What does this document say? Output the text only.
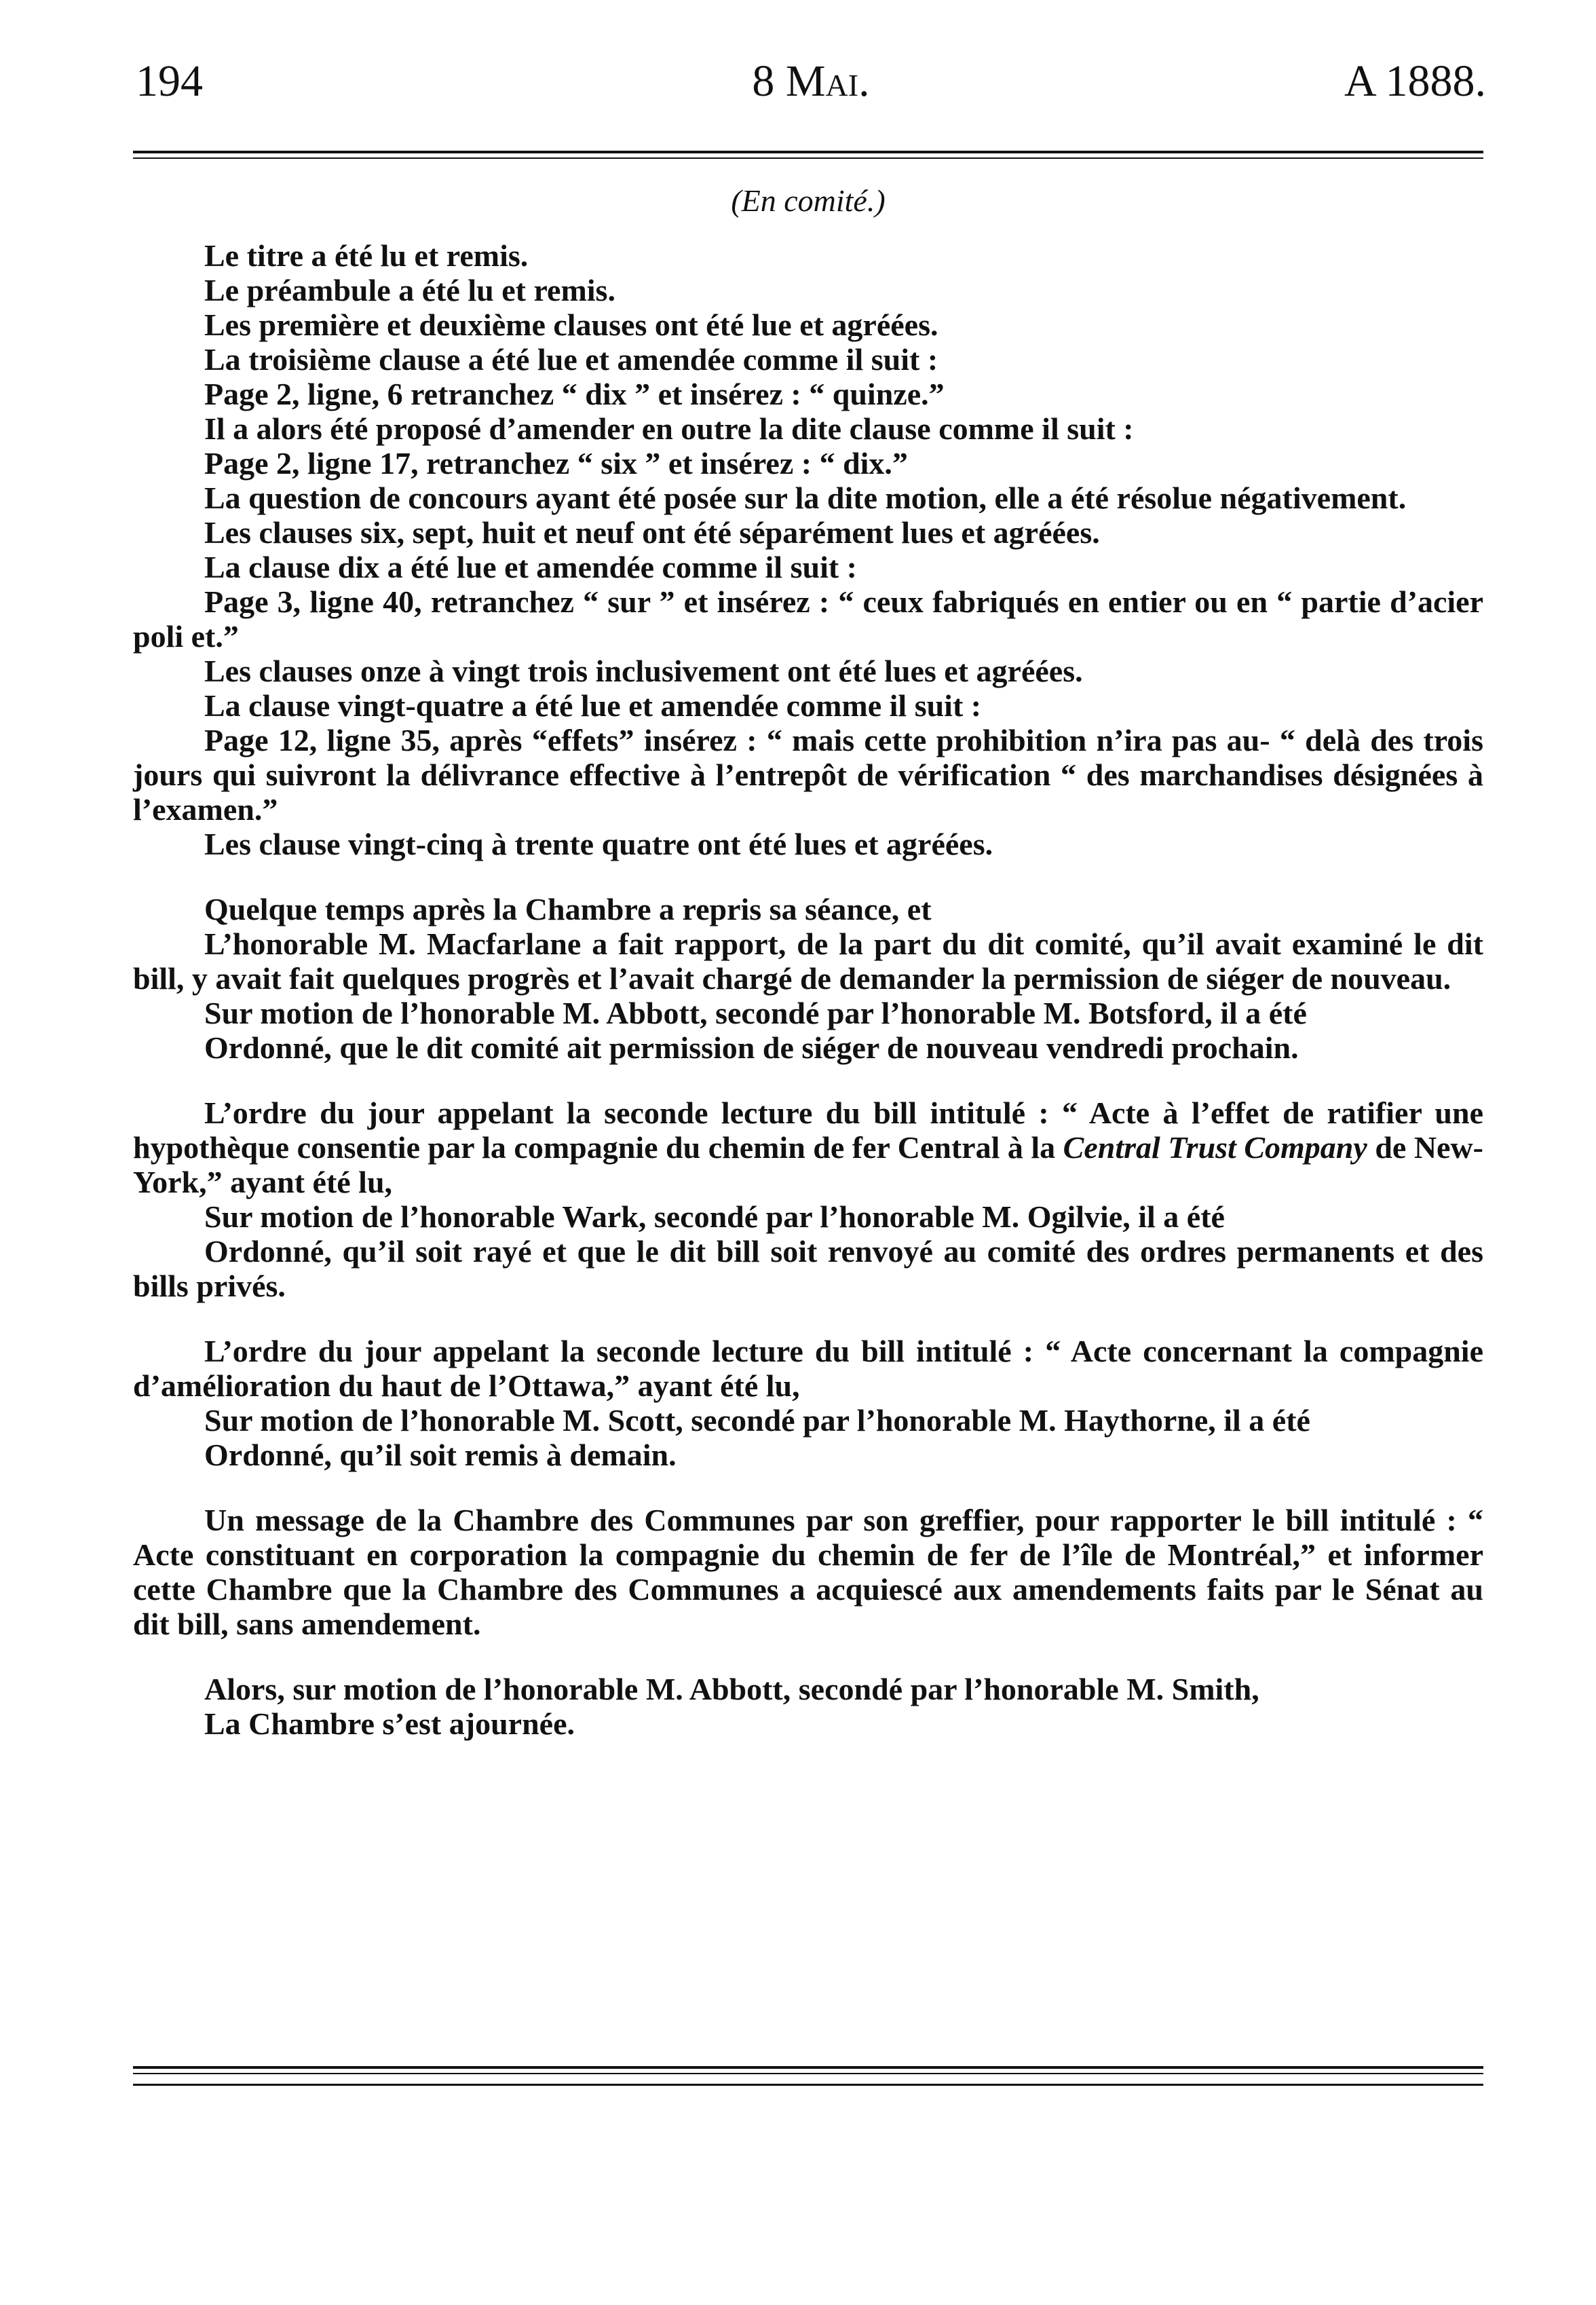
194	8 Mai.	A 1888.

(En comité.)

Le titre a été lu et remis.

Le préambule a été lu et remis.

Les première et deuxième clauses ont été lue et agréées.

La troisième clause a été lue et amendée comme il suit :

Page 2, ligne, 6 retranchez “ dix ” et insérez : “ quinze.”

Il a alors été proposé d’amender en outre la dite clause comme il suit :

Page 2, ligne 17, retranchez “ six ” et insérez : “ dix.”

La question de concours ayant été posée sur la dite motion, elle a été résolue négativement.

Les clauses six, sept, huit et neuf ont été séparément lues et agréées.

La clause dix a été lue et amendée comme il suit :

Page 3, ligne 40, retranchez “ sur ” et insérez : “ ceux fabriqués en entier ou en “ partie d’acier poli et.”

Les clauses onze à vingt trois inclusivement ont été lues et agréées.

La clause vingt-quatre a été lue et amendée comme il suit :

Page 12, ligne 35, après “effets” insérez : “ mais cette prohibition n’ira pas au- “ delà des trois jours qui suivront la délivrance effective à l’entrepôt de vérification “ des marchandises désignées à l’examen.”

Les clause vingt-cinq à trente quatre ont été lues et agréées.

Quelque temps après la Chambre a repris sa séance, et

L’honorable M. Macfarlane a fait rapport, de la part du dit comité, qu’il avait examiné le dit bill, y avait fait quelques progrès et l’avait chargé de demander la permission de siéger de nouveau.

Sur motion de l’honorable M. Abbott, secondé par l’honorable M. Botsford, il a été

Ordonné, que le dit comité ait permission de siéger de nouveau vendredi prochain.

L’ordre du jour appelant la seconde lecture du bill intitulé : “ Acte à l’effet de ratifier une hypothèque consentie par la compagnie du chemin de fer Central à la Central Trust Company de New-York,” ayant été lu,

Sur motion de l’honorable Wark, secondé par l’honorable M. Ogilvie, il a été

Ordonné, qu’il soit rayé et que le dit bill soit renvoyé au comité des ordres permanents et des bills privés.

L’ordre du jour appelant la seconde lecture du bill intitulé : “ Acte concernant la compagnie d’amélioration du haut de l’Ottawa,” ayant été lu,

Sur motion de l’honorable M. Scott, secondé par l’honorable M. Haythorne, il a été

Ordonné, qu’il soit remis à demain.

Un message de la Chambre des Communes par son greffier, pour rapporter le bill intitulé : “ Acte constituant en corporation la compagnie du chemin de fer de l’île de Montréal,” et informer cette Chambre que la Chambre des Communes a acquiescé aux amendements faits par le Sénat au dit bill, sans amendement.

Alors, sur motion de l’honorable M. Abbott, secondé par l’honorable M. Smith,

La Chambre s’est ajournée.
